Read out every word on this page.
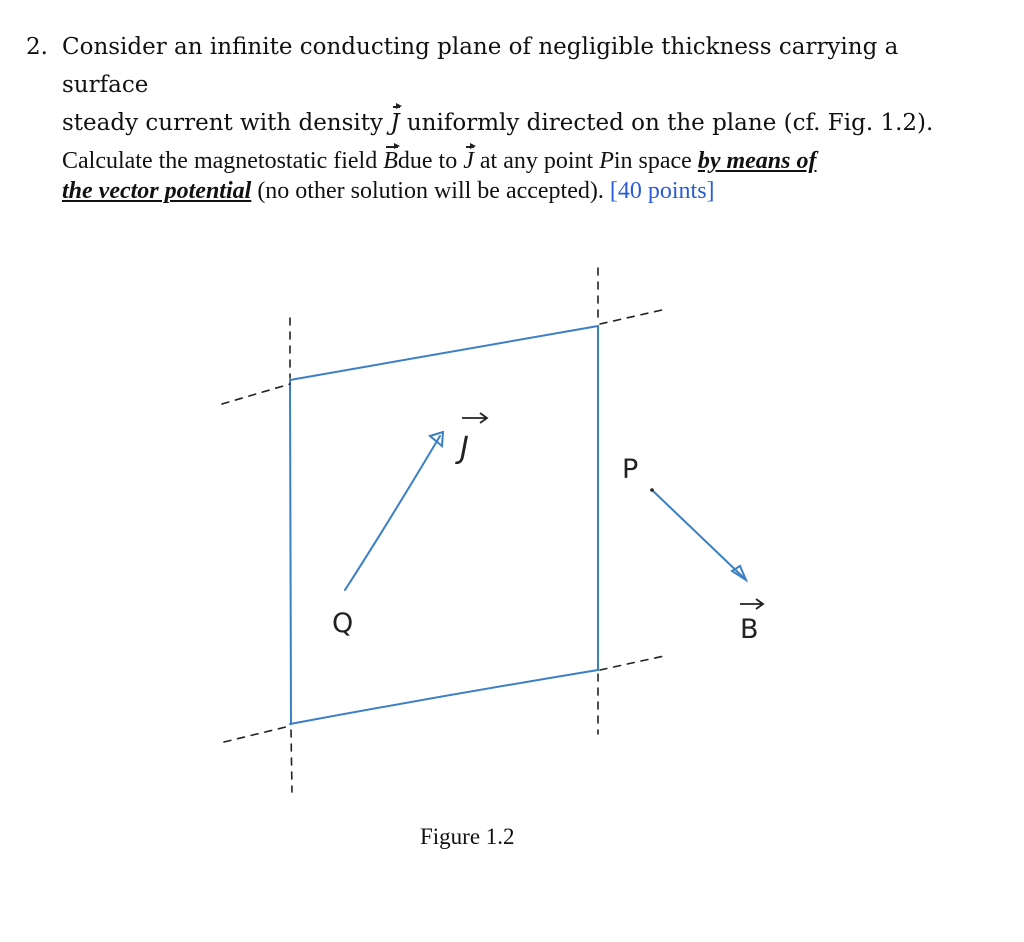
2. Consider an infinite conducting plane of negligible thickness carrying a surface

steady current with density J uniformly directed on the plane (cf. Fig. 1.2).

Calculate the magnetostatic field Bdue to J at any point Pin space by means of

the vector potential (no other solution will be accepted). [40 points]

J
P
Q	B
Figure 1.2
